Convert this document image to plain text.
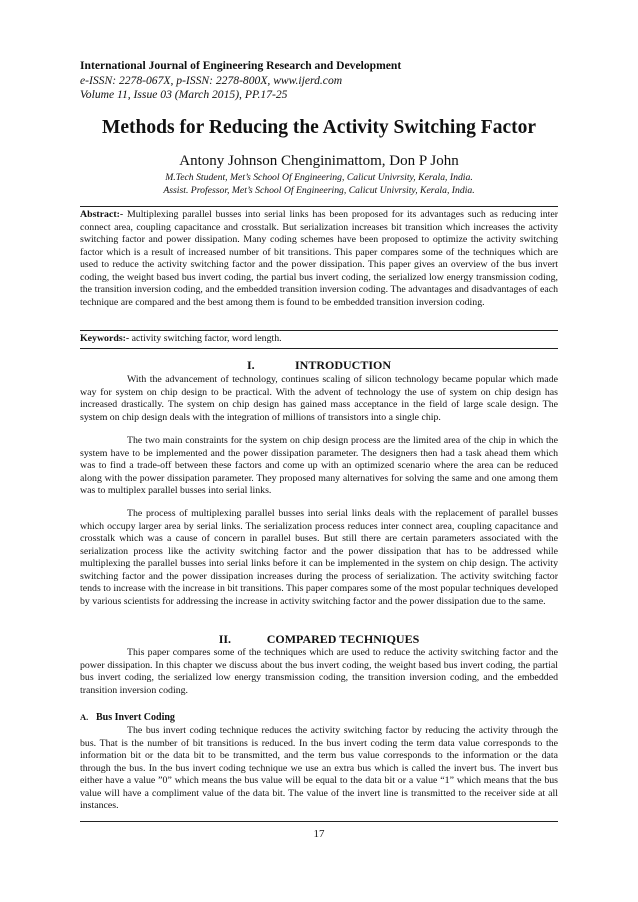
International Journal of Engineering Research and Development
e-ISSN: 2278-067X, p-ISSN: 2278-800X, www.ijerd.com
Volume 11, Issue 03 (March 2015), PP.17-25
Methods for Reducing the Activity Switching Factor
Antony Johnson Chenginimattom, Don P John
M.Tech Student, Met’s School Of Engineering, Calicut Univrsity, Kerala, India.
Assist. Professor, Met’s School Of Engineering, Calicut Univrsity, Kerala, India.

Abstract:- Multiplexing parallel busses into serial links has been proposed for its advantages such as reducing inter connect area, coupling capacitance and crosstalk. But serialization increases bit transition which increases the activity switching factor and power dissipation. Many coding schemes have been proposed to optimize the activity switching factor which is a result of increased number of bit transitions. This paper compares some of the techniques which are used to reduce the activity switching factor and the power dissipation. This paper gives an overview of the bus invert coding, the weight based bus invert coding, the partial bus invert coding, the serialized low energy transmission coding, the transition inversion coding, and the embedded transition inversion coding. The advantages and disadvantages of each technique are compared and the best among them is found to be embedded transition inversion coding.

Keywords:- activity switching factor, word length.

I.	INTRODUCTION

With the advancement of technology, continues scaling of silicon technology became popular which made way for system on chip design to be practical. With the advent of technology the use of system on chip design has increased drastically. The system on chip design has gained mass acceptance in the field of large scale design. The system on chip design deals with the integration of millions of transistors into a single chip.

The two main constraints for the system on chip design process are the limited area of the chip in which the system have to be implemented and the power dissipation parameter. The designers then had a task ahead them which was to find a trade-off between these factors and come up with an optimized scenario where the area can be reduced along with the power dissipation parameter. They proposed many alternatives for solving the same and one among them was to multiplex parallel busses into serial links.

The process of multiplexing parallel busses into serial links deals with the replacement of parallel busses which occupy larger area by serial links. The serialization process reduces inter connect area, coupling capacitance and crosstalk which was a cause of concern in parallel buses. But still there are certain parameters associated with the serialization process like the activity switching factor and the power dissipation that has to be addressed while multiplexing the parallel busses into serial links before it can be implemented in the system on chip design. The activity switching factor and the power dissipation increases during the process of serialization. The activity switching factor tends to increase with the increase in bit transitions. This paper compares some of the most popular techniques developed by various scientists for addressing the increase in activity switching factor and the power dissipation due to the same.

II.	COMPARED TECHNIQUES

This paper compares some of the techniques which are used to reduce the activity switching factor and the power dissipation. In this chapter we discuss about the bus invert coding, the weight based bus invert coding, the partial bus invert coding, the serialized low energy transmission coding, the transition inversion coding, and the embedded transition inversion coding.

A. Bus Invert Coding

The bus invert coding technique reduces the activity switching factor by reducing the activity through the bus. That is the number of bit transitions is reduced. In the bus invert coding the term data value corresponds to the information bit or the data bit to be transmitted, and the term bus value corresponds to the information or the data through the bus. In the bus invert coding technique we use an extra bus which is called the invert bus. The invert bus either have a value ”0” which means the bus value will be equal to the data bit or a value “1” which means that the bus value will have a compliment value of the data bit. The value of the invert line is transmitted to the receiver side at all instances.

17
